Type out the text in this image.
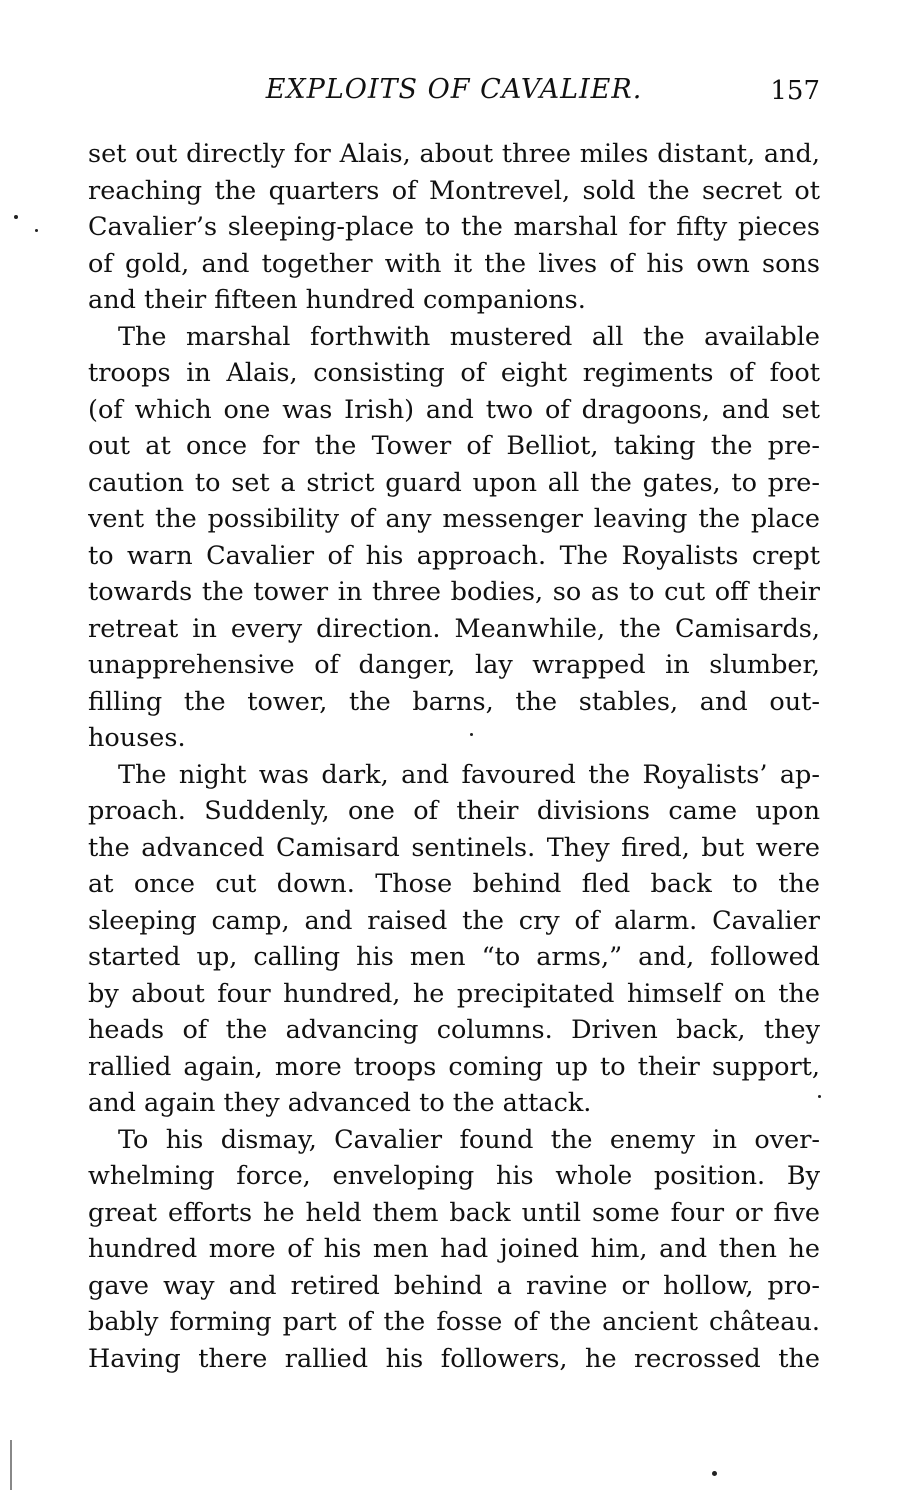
EXPLOITS OF CAVALIER.	157
set out directly for Alais, about three miles distant, and,
reaching the quarters of Montrevel, sold the secret ot
Cavalier’s sleeping-place to the marshal for fifty pieces
of gold, and together with it the lives of his own sons
and their fifteen hundred companions.
The marshal forthwith mustered all the available
troops in Alais, consisting of eight regiments of foot
(of which one was Irish) and two of dragoons, and set
out at once for the Tower of Belliot, taking the pre-
caution to set a strict guard upon all the gates, to pre-
vent the possibility of any messenger leaving the place
to warn Cavalier of his approach. The Royalists crept
towards the tower in three bodies, so as to cut off their
retreat in every direction. Meanwhile, the Camisards,
unapprehensive of danger, lay wrapped in slumber,
filling the tower, the barns, the stables, and out-
houses.
The night was dark, and favoured the Royalists’ ap-
proach. Suddenly, one of their divisions came upon
the advanced Camisard sentinels. They fired, but were
at once cut down. Those behind fled back to the
sleeping camp, and raised the cry of alarm. Cavalier
started up, calling his men “to arms,” and, followed
by about four hundred, he precipitated himself on the
heads of the advancing columns. Driven back, they
rallied again, more troops coming up to their support,
and again they advanced to the attack.
To his dismay, Cavalier found the enemy in over-
whelming force, enveloping his whole position. By
great efforts he held them back until some four or five
hundred more of his men had joined him, and then he
gave way and retired behind a ravine or hollow, pro-
bably forming part of the fosse of the ancient château.
Having there rallied his followers, he recrossed the
